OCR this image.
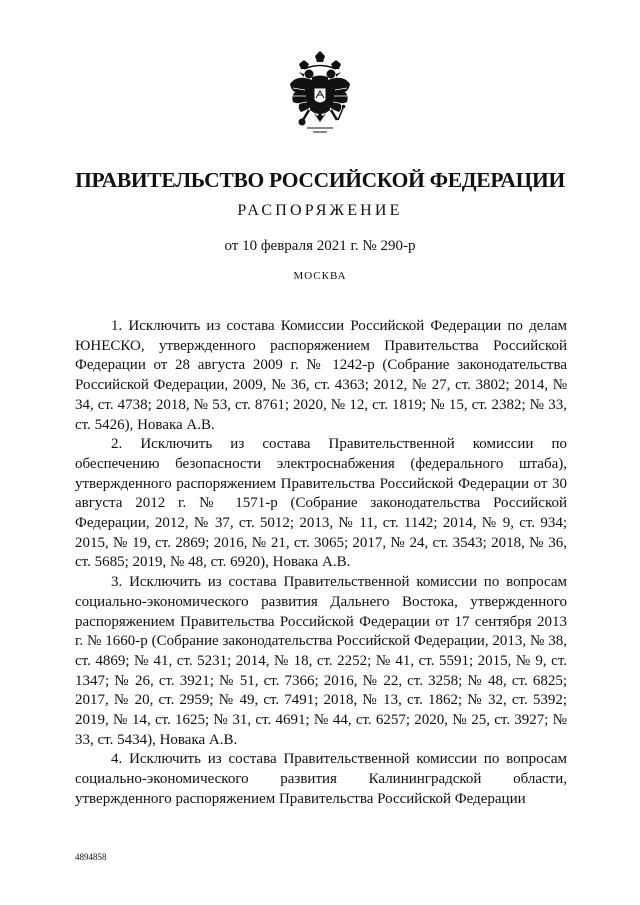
ПРАВИТЕЛЬСТВО РОССИЙСКОЙ ФЕДЕРАЦИИ

РАСПОРЯЖЕНИЕ

от 10 февраля 2021 г. № 290-р

МОСКВА

1. Исключить из состава Комиссии Российской Федерации по делам ЮНЕСКО, утвержденного распоряжением Правительства Российской Федерации от 28 августа 2009 г. № 1242-р (Собрание законодательства Российской Федерации, 2009, № 36, ст. 4363; 2012, № 27, ст. 3802; 2014, № 34, ст. 4738; 2018, № 53, ст. 8761; 2020, № 12, ст. 1819; № 15, ст. 2382; № 33, ст. 5426), Новака А.В.

2. Исключить из состава Правительственной комиссии по обеспечению безопасности электроснабжения (федерального штаба), утвержденного распоряжением Правительства Российской Федерации от 30 августа 2012 г. № 1571-р (Собрание законодательства Российской Федерации, 2012, № 37, ст. 5012; 2013, № 11, ст. 1142; 2014, № 9, ст. 934; 2015, № 19, ст. 2869; 2016, № 21, ст. 3065; 2017, № 24, ст. 3543; 2018, № 36, ст. 5685; 2019, № 48, ст. 6920), Новака А.В.

3. Исключить из состава Правительственной комиссии по вопросам социально-экономического развития Дальнего Востока, утвержденного распоряжением Правительства Российской Федерации от 17 сентября 2013 г. № 1660-р (Собрание законодательства Российской Федерации, 2013, № 38, ст. 4869; № 41, ст. 5231; 2014, № 18, ст. 2252; № 41, ст. 5591; 2015, № 9, ст. 1347; № 26, ст. 3921; № 51, ст. 7366; 2016, № 22, ст. 3258; № 48, ст. 6825; 2017, № 20, ст. 2959; № 49, ст. 7491; 2018, № 13, ст. 1862; № 32, ст. 5392; 2019, № 14, ст. 1625; № 31, ст. 4691; № 44, ст. 6257; 2020, № 25, ст. 3927; № 33, ст. 5434), Новака А.В.

4. Исключить из состава Правительственной комиссии по вопросам социально-экономического развития Калининградской области, утвержденного распоряжением Правительства Российской Федерации

4894858
